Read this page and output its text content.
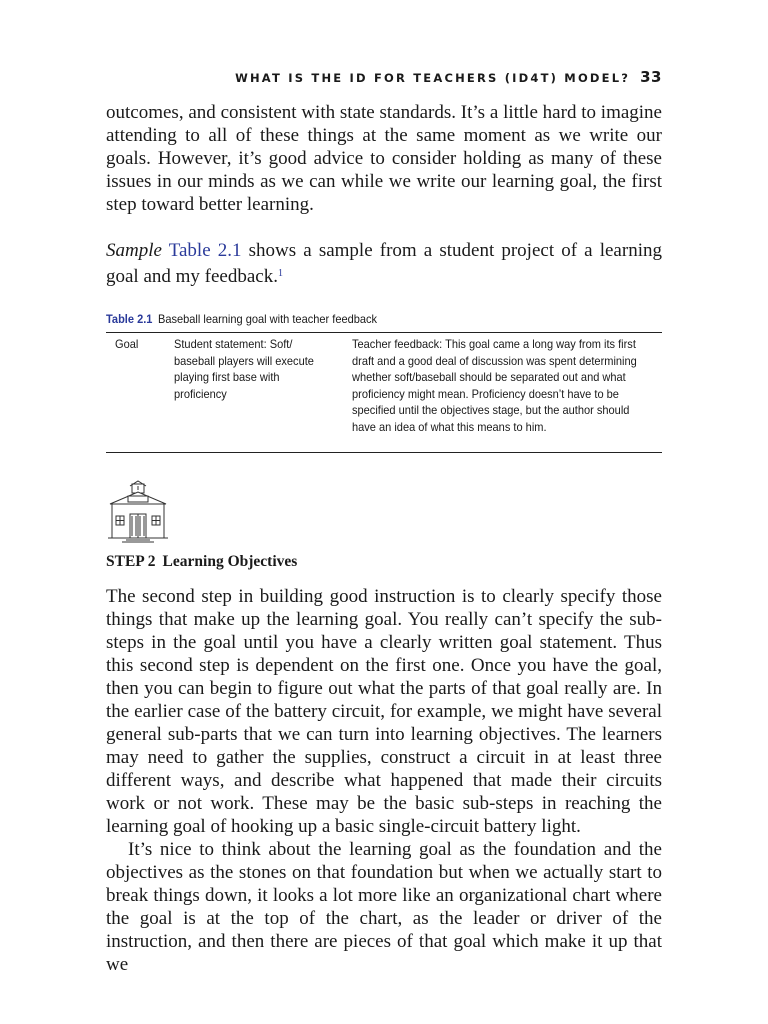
WHAT IS THE ID FOR TEACHERS (ID4T) MODEL? 33

outcomes, and consistent with state standards. It’s a little hard to imagine attending to all of these things at the same moment as we write our goals. However, it’s good advice to consider holding as many of these issues in our minds as we can while we write our learning goal, the first step toward better learning.

Sample Table 2.1 shows a sample from a student project of a learning goal and my feedback.$^1$

Table 2.1 Baseball learning goal with teacher feedback
Goal	Student statement: Soft/ baseball players will execute playing first base with proficiency
Teacher feedback: This goal came a long way from its first draft and a good deal of discussion was spent determining whether soft/baseball should be separated out and what proficiency might mean. Proficiency doesn’t have to be specified until the objectives stage, but the author should have an idea of what this means to him.
STEP 2 Learning Objectives

The second step in building good instruction is to clearly specify those things that make up the learning goal. You really can’t specify the sub-steps in the goal until you have a clearly written goal statement. Thus this second step is dependent on the first one. Once you have the goal, then you can begin to figure out what the parts of that goal really are. In the earlier case of the battery circuit, for example, we might have several general sub-parts that we can turn into learning objectives. The learners may need to gather the supplies, construct a circuit in at least three different ways, and describe what happened that made their circuits work or not work. These may be the basic sub-steps in reaching the learning goal of hooking up a basic single-circuit battery light.

It’s nice to think about the learning goal as the foundation and the objectives as the stones on that foundation but when we actually start to break things down, it looks a lot more like an organizational chart where the goal is at the top of the chart, as the leader or driver of the instruction, and then there are pieces of that goal which make it up that we
